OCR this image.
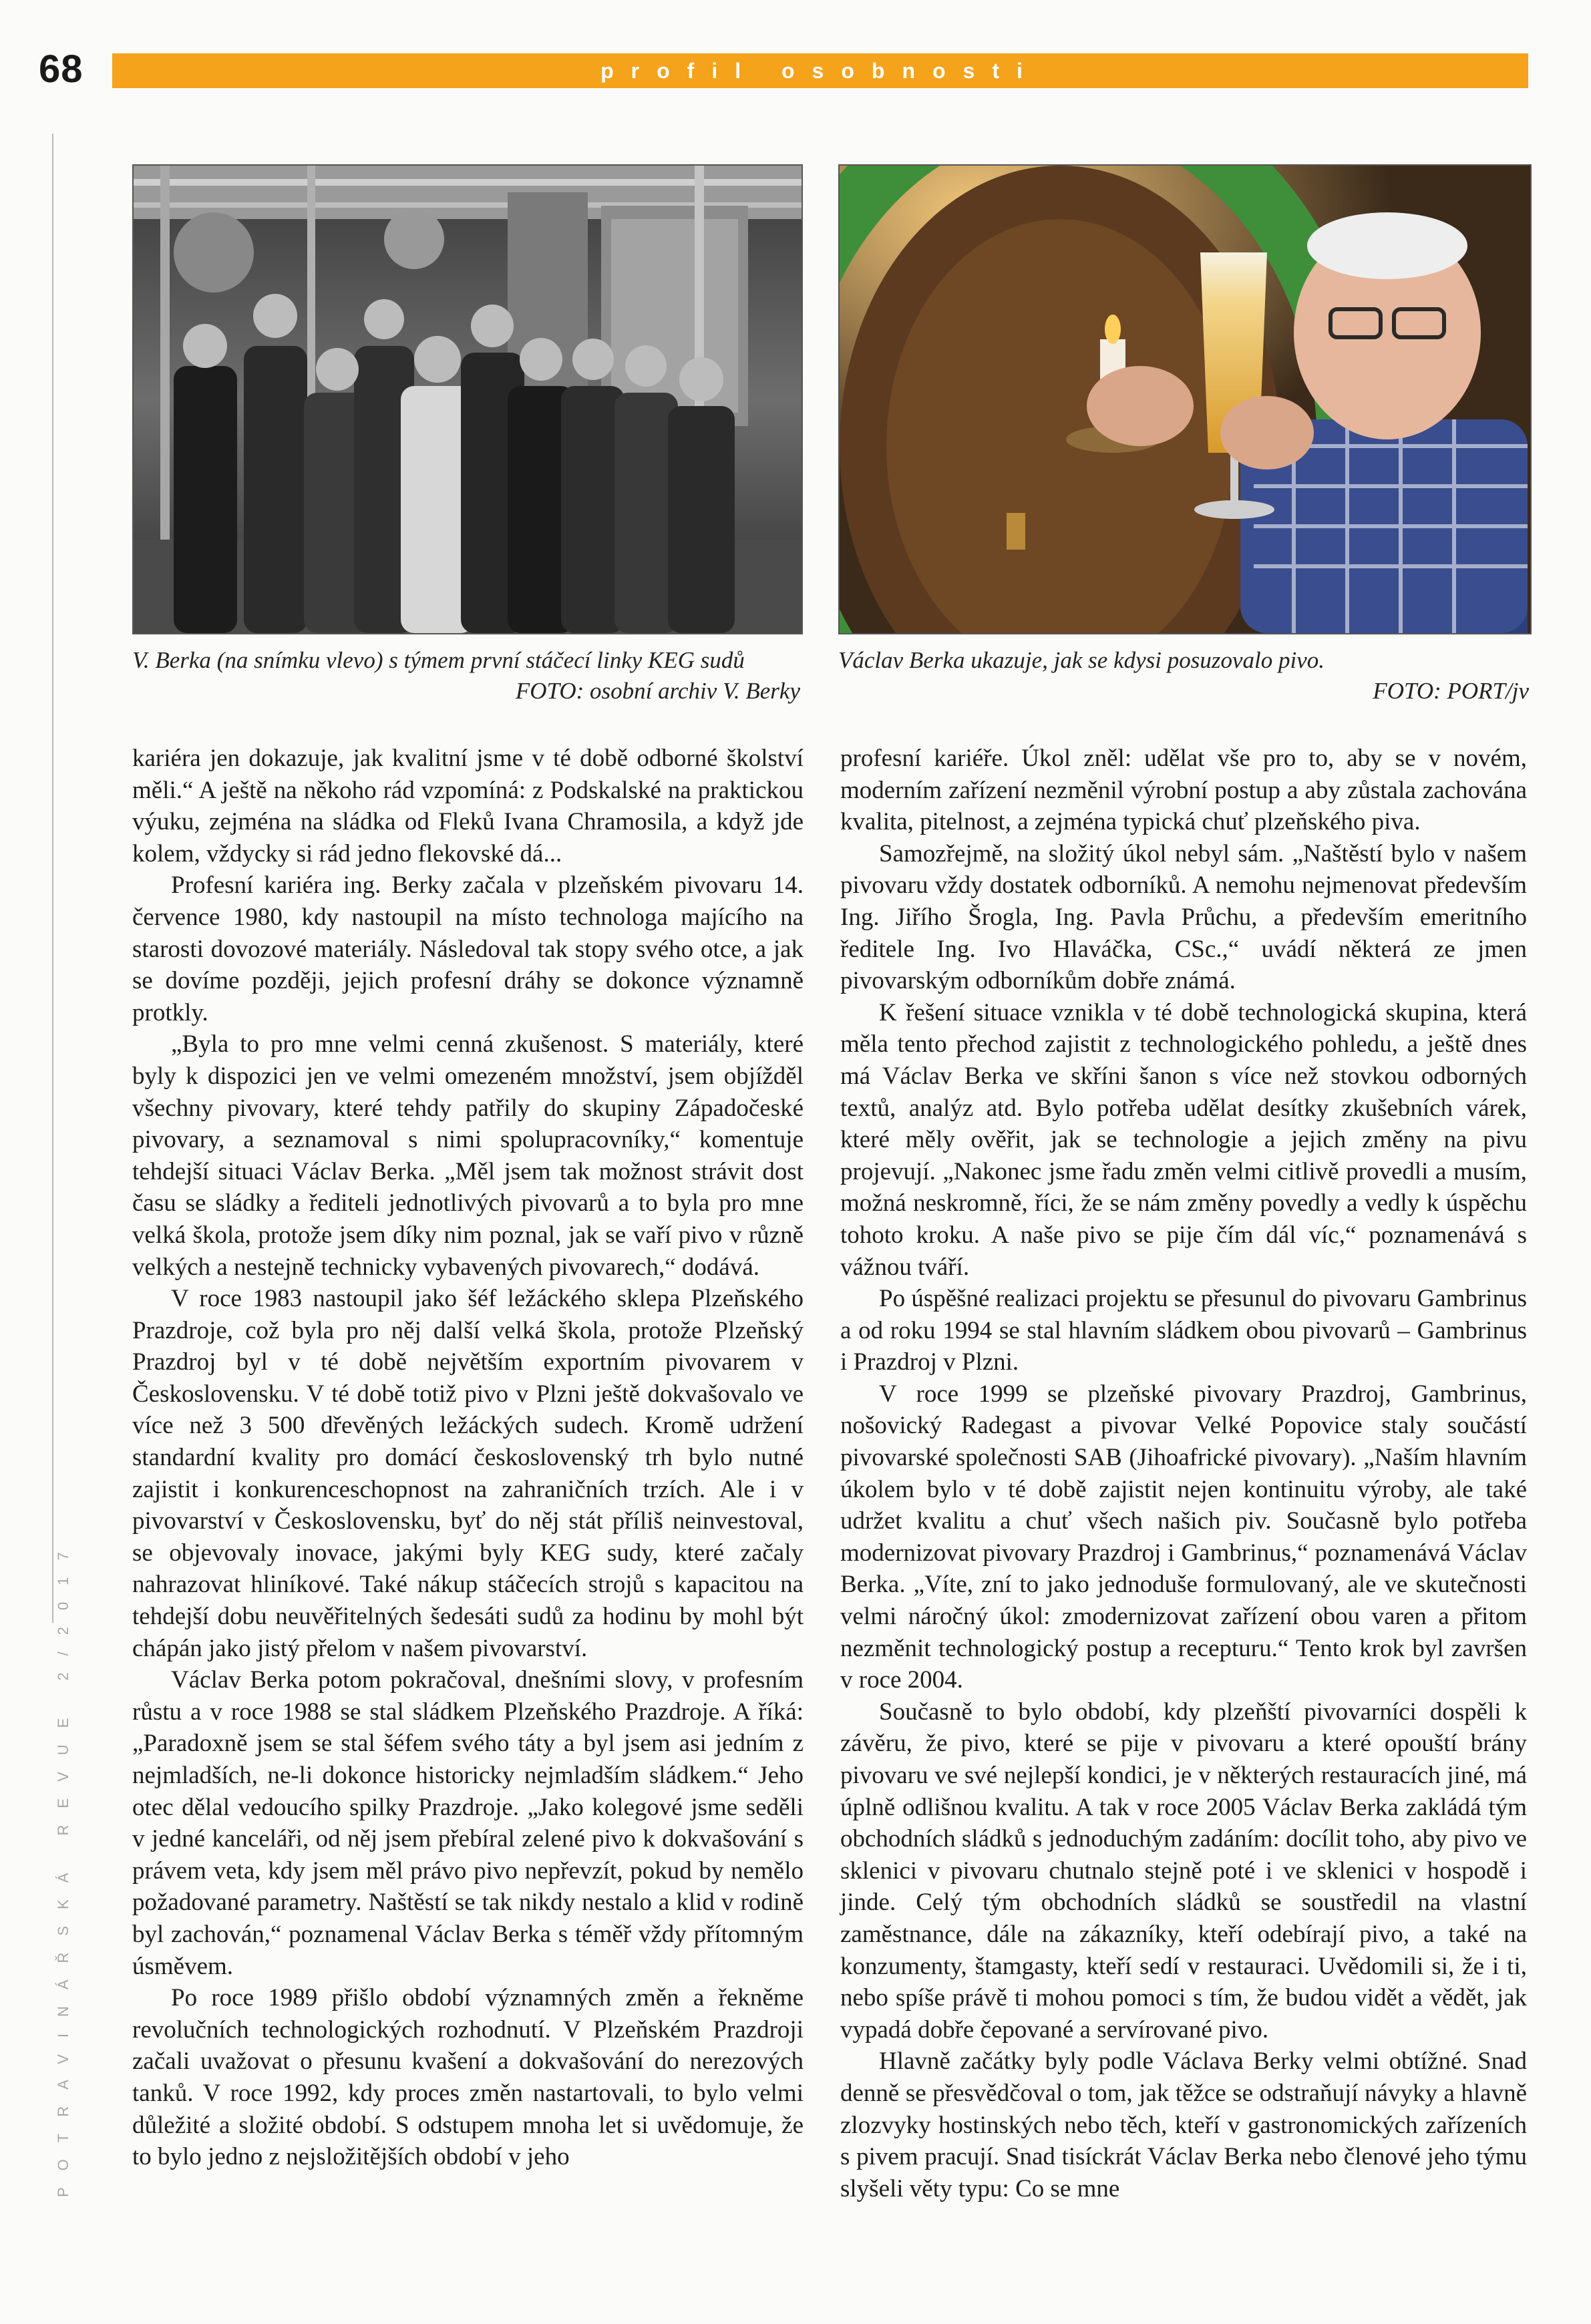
68	profil osobnosti
POTRAVINÁŘSKÁ REVUE 2/2017
V. Berka (na snímku vlevo) s týmem první stáčecí linky KEG sudů
FOTO: osobní archiv V. Berky
Václav Berka ukazuje, jak se kdysi posuzovalo pivo.
FOTO: PORT/jv

kariéra jen dokazuje, jak kvalitní jsme v té době odborné školství měli.“ A ještě na někoho rád vzpomíná: z Podskalské na praktickou výuku, zejména na sládka od Fleků Ivana Chramosila, a když jde kolem, vždycky si rád jedno flekovské dá...

Profesní kariéra ing. Berky začala v plzeňském pivovaru 14. července 1980, kdy nastoupil na místo technologa majícího na starosti dovozové materiály. Následoval tak stopy svého otce, a jak se dovíme později, jejich profesní dráhy se dokonce významně protkly.

„Byla to pro mne velmi cenná zkušenost. S materiály, které byly k dispozici jen ve velmi omezeném množství, jsem objížděl všechny pivovary, které tehdy patřily do skupiny Západočeské pivovary, a seznamoval s nimi spolupracovníky,“ komentuje tehdejší situaci Václav Berka. „Měl jsem tak možnost strávit dost času se sládky a řediteli jednotlivých pivovarů a to byla pro mne velká škola, protože jsem díky nim poznal, jak se vaří pivo v různě velkých a nestejně technicky vybavených pivovarech,“ dodává.

V roce 1983 nastoupil jako šéf ležáckého sklepa Plzeňského Prazdroje, což byla pro něj další velká škola, protože Plzeňský Prazdroj byl v té době největším exportním pivovarem v Československu. V té době totiž pivo v Plzni ještě dokvašovalo ve více než 3 500 dřevěných ležáckých sudech. Kromě udržení standardní kvality pro domácí československý trh bylo nutné zajistit i konkurenceschopnost na zahraničních trzích. Ale i v pivovarství v Československu, byť do něj stát příliš neinvestoval, se objevovaly inovace, jakými byly KEG sudy, které začaly nahrazovat hliníkové. Také nákup stáčecích strojů s kapacitou na tehdejší dobu neuvěřitelných šedesáti sudů za hodinu by mohl být chápán jako jistý přelom v našem pivovarství.

Václav Berka potom pokračoval, dnešními slovy, v profesním růstu a v roce 1988 se stal sládkem Plzeňského Prazdroje. A říká: „Paradoxně jsem se stal šéfem svého táty a byl jsem asi jedním z nejmladších, ne-li dokonce historicky nejmladším sládkem.“ Jeho otec dělal vedoucího spilky Prazdroje. „Jako kolegové jsme seděli v jedné kanceláři, od něj jsem přebíral zelené pivo k dokvašování s právem veta, kdy jsem měl právo pivo nepřevzít, pokud by nemělo požadované parametry. Naštěstí se tak nikdy nestalo a klid v rodině byl zachován,“ poznamenal Václav Berka s téměř vždy přítomným úsměvem.

Po roce 1989 přišlo období významných změn a řekněme revolučních technologických rozhodnutí. V Plzeňském Prazdroji začali uvažovat o přesunu kvašení a dokvašování do nerezových tanků. V roce 1992, kdy proces změn nastartovali, to bylo velmi důležité a složité období. S odstupem mnoha let si uvědomuje, že to bylo jedno z nejsložitějších období v jeho

profesní kariéře. Úkol zněl: udělat vše pro to, aby se v novém, moderním zařízení nezměnil výrobní postup a aby zůstala zachována kvalita, pitelnost, a zejména typická chuť plzeňského piva.

Samozřejmě, na složitý úkol nebyl sám. „Naštěstí bylo v našem pivovaru vždy dostatek odborníků. A nemohu nejmenovat především Ing. Jiřího Šrogla, Ing. Pavla Průchu, a především emeritního ředitele Ing. Ivo Hlaváčka, CSc.,“ uvádí některá ze jmen pivovarským odborníkům dobře známá.

K řešení situace vznikla v té době technologická skupina, která měla tento přechod zajistit z technologického pohledu, a ještě dnes má Václav Berka ve skříni šanon s více než stovkou odborných textů, analýz atd. Bylo potřeba udělat desítky zkušebních várek, které měly ověřit, jak se technologie a jejich změny na pivu projevují. „Nakonec jsme řadu změn velmi citlivě provedli a musím, možná neskromně, říci, že se nám změny povedly a vedly k úspěchu tohoto kroku. A naše pivo se pije čím dál víc,“ poznamenává s vážnou tváří.

Po úspěšné realizaci projektu se přesunul do pivovaru Gambrinus a od roku 1994 se stal hlavním sládkem obou pivovarů – Gambrinus i Prazdroj v Plzni.

V roce 1999 se plzeňské pivovary Prazdroj, Gambrinus, nošovický Radegast a pivovar Velké Popovice staly součástí pivovarské společnosti SAB (Jihoafrické pivovary). „Naším hlavním úkolem bylo v té době zajistit nejen kontinuitu výroby, ale také udržet kvalitu a chuť všech našich piv. Současně bylo potřeba modernizovat pivovary Prazdroj i Gambrinus,“ poznamenává Václav Berka. „Víte, zní to jako jednoduše formulovaný, ale ve skutečnosti velmi náročný úkol: zmodernizovat zařízení obou varen a přitom nezměnit technologický postup a recepturu.“ Tento krok byl završen v roce 2004.

Současně to bylo období, kdy plzeňští pivovarníci dospěli k závěru, že pivo, které se pije v pivovaru a které opouští brány pivovaru ve své nejlepší kondici, je v některých restauracích jiné, má úplně odlišnou kvalitu. A tak v roce 2005 Václav Berka zakládá tým obchodních sládků s jednoduchým zadáním: docílit toho, aby pivo ve sklenici v pivovaru chutnalo stejně poté i ve sklenici v hospodě i jinde. Celý tým obchodních sládků se soustředil na vlastní zaměstnance, dále na zákazníky, kteří odebírají pivo, a také na konzumenty, štamgasty, kteří sedí v restauraci. Uvědomili si, že i ti, nebo spíše právě ti mohou pomoci s tím, že budou vidět a vědět, jak vypadá dobře čepované a servírované pivo.

Hlavně začátky byly podle Václava Berky velmi obtížné. Snad denně se přesvědčoval o tom, jak těžce se odstraňují návyky a hlavně zlozvyky hostinských nebo těch, kteří v gastronomických zařízeních s pivem pracují. Snad tisíckrát Václav Berka nebo členové jeho týmu slyšeli věty typu: Co se mne
